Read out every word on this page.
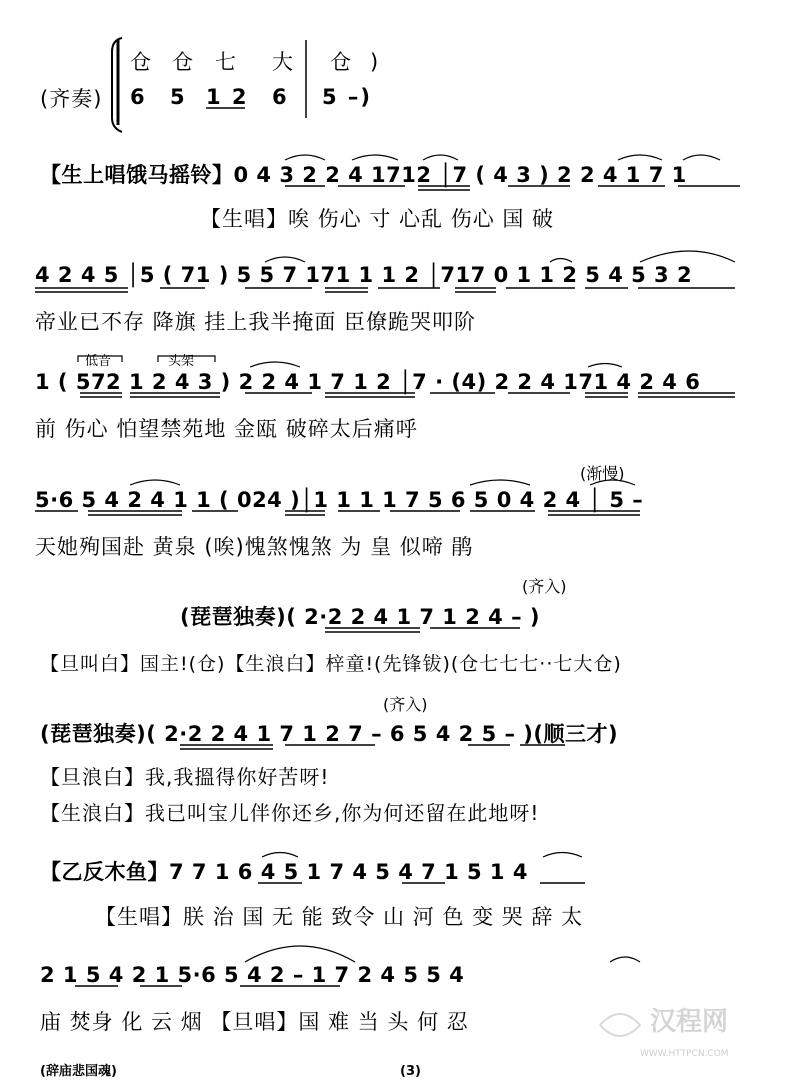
(齐奏)
仓 仓 七 大 仓 )
6 5 1 2 6 5 –)
【生上唱饿马摇铃】0 4 3 2 2 4 1712 │7 ( 4 3 ) 2 2 4 1 7 1
【生唱】唉 伤心 寸 心乱 伤心 国 破
4 2 4 5 │5 ( 71 ) 5 5 7 171 1 1 2 │717 0 1 1 2 5 4 5 3 2
帝业已不存 降旗 挂上我半掩面 臣僚跪哭叩阶
低音	头架
1 ( 572 1 2 4 3 ) 2 2 4 1 7 1 2 │7 · (4) 2 2 4 171 4 2 4 6
前 伤心 怕望禁苑地 金瓯 破碎太后痛呼
(渐慢)
5·6 5 4 2 4 1 1 ( 024 )│1 1 1 1 7 5 6 5 0 4 2 4 │ 5 –
天她殉国赴 黄泉 (唉)愧煞愧煞 为 皇 似啼 鹃
(齐入)
(琵琶独奏)( 2·2 2 4 1 7 1 2 4 – )
【旦叫白】国主!(仓)【生浪白】梓童!(先锋钹)(仓七七七··七大仓)
(齐入)
(琵琶独奏)( 2·2 2 4 1 7 1 2 7 – 6 5 4 2 5 – )(顺三才)
【旦浪白】我,我搵得你好苦呀!
【生浪白】我已叫宝儿伴你还乡,你为何还留在此地呀!
【乙反木鱼】7 7 1 6 4 5 1 7 4 5 4 7 1 5 1 4
【生唱】朕 治 国 无 能 致令 山 河 色 变 哭 辞 太
2 1 5 4 2 1 5·6 5 4 2 – 1 7 2 4 5 5 4
庙 焚身 化 云 烟 【旦唱】国 难 当 头 何 忍
(辞庙悲国魂)	(3)
汉程网
WWW.HTTPCN.COM
